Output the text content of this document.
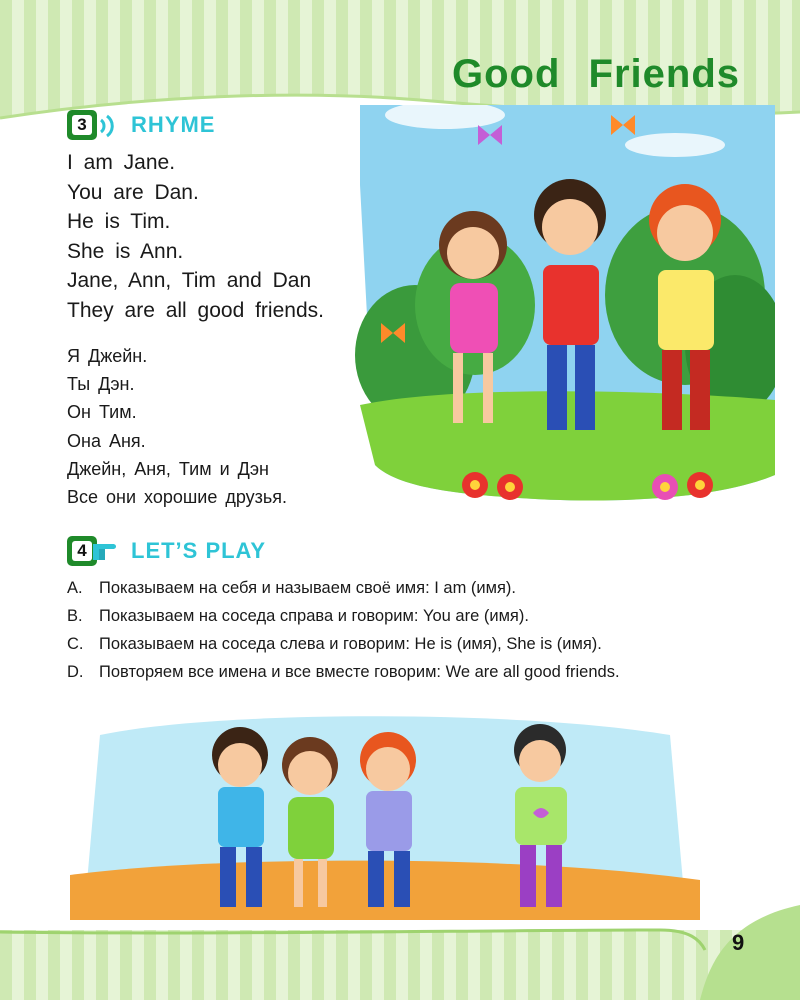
Good Friends
3 RHYME
I am Jane.
You are Dan.
He is Tim.
She is Ann.
Jane, Ann, Tim and Dan
They are all good friends.
Я Джейн.
Ты Дэн.
Он Тим.
Она Аня.
Джейн, Аня, Тим и Дэн
Все они хорошие друзья.
4 LET’S PLAY
A. Показываем на себя и называем своё имя: I am (имя).
B. Показываем на соседа справа и говорим: You are (имя).
C. Показываем на соседа слева и говорим: He is (имя), She is (имя).
D. Повторяем все имена и все вместе говорим: We are all good friends.
9
